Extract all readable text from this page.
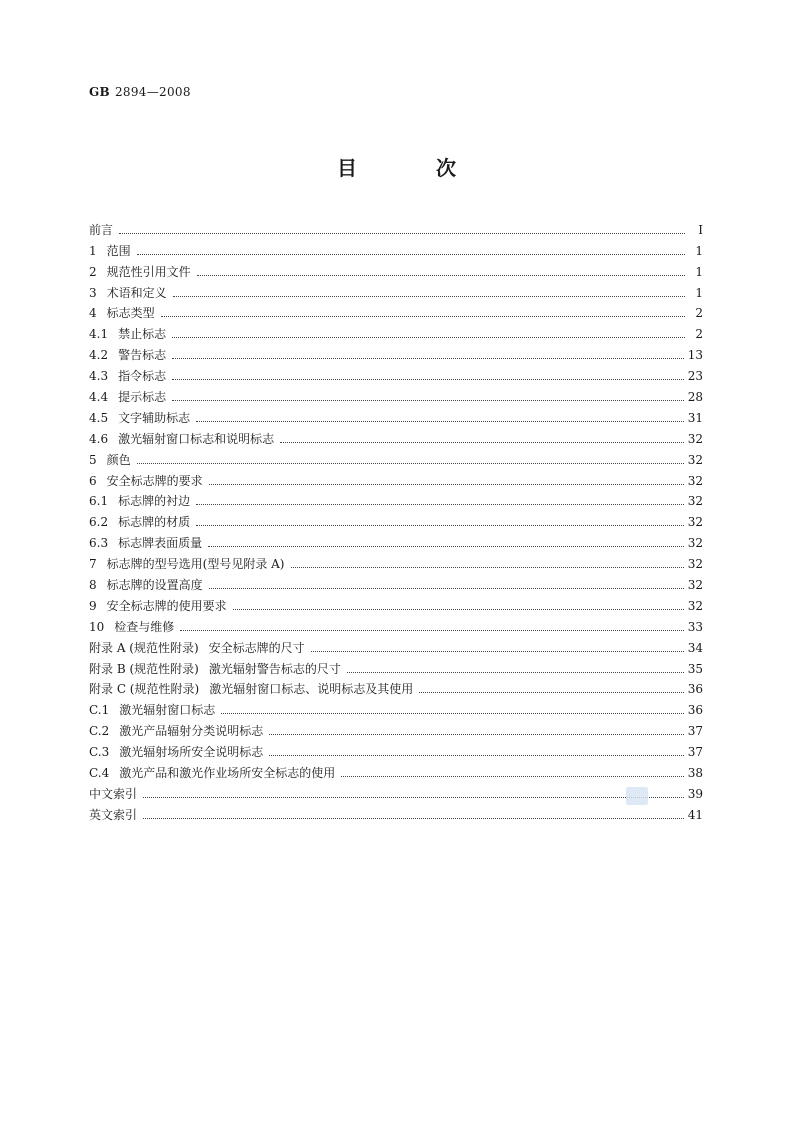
GB 2894—2008
目 次
前言	Ⅰ
1 范围	1
2 规范性引用文件	1
3 术语和定义	1
4 标志类型	2
4.1 禁止标志	2
4.2 警告标志	13
4.3 指令标志	23
4.4 提示标志	28
4.5 文字辅助标志	31
4.6 激光辐射窗口标志和说明标志	32
5 颜色	32
6 安全标志牌的要求	32
6.1 标志牌的衬边	32
6.2 标志牌的材质	32
6.3 标志牌表面质量	32
7 标志牌的型号选用(型号见附录 A)	32
8 标志牌的设置高度	32
9 安全标志牌的使用要求	32
10 检查与维修	33
附录 A (规范性附录) 安全标志牌的尺寸	34
附录 B (规范性附录) 激光辐射警告标志的尺寸	35
附录 C (规范性附录) 激光辐射窗口标志、说明标志及其使用	36
C.1 激光辐射窗口标志	36
C.2 激光产品辐射分类说明标志	37
C.3 激光辐射场所安全说明标志	37
C.4 激光产品和激光作业场所安全标志的使用	38
中文索引	39
英文索引	41
